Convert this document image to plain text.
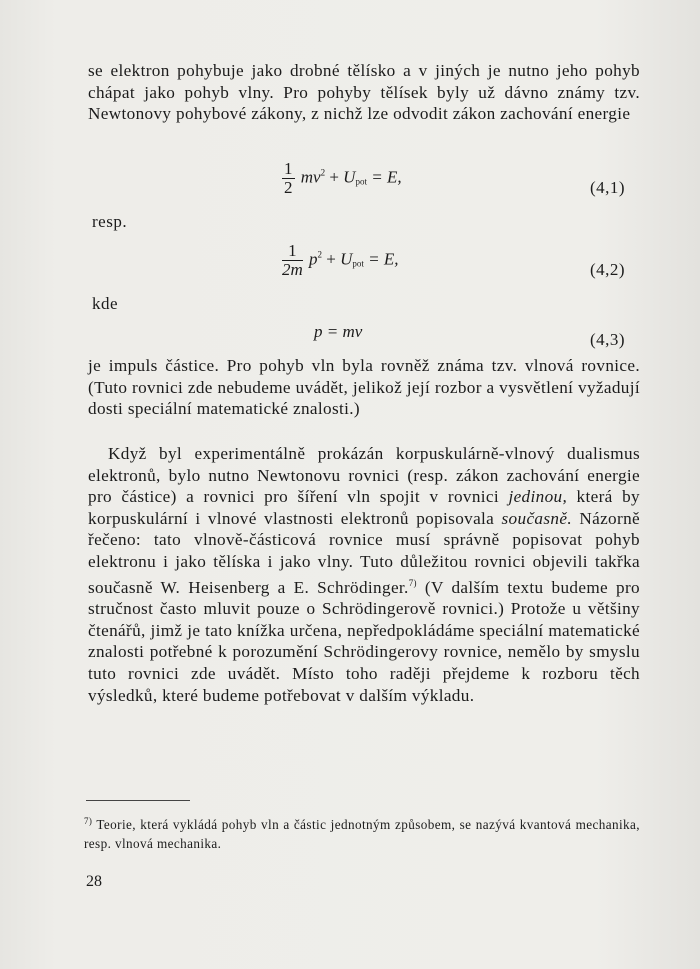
se elektron pohybuje jako drobné tělísko a v jiných je nutno jeho pohyb chápat jako pohyb vlny. Pro pohyby tělísek byly už dávno známy tzv. Newtonovy pohybové zákony, z nichž lze odvodit zákon zachování energie

$\frac{1}{2} mv^2 + U_{pot} = E$,
(4,1)
resp.
$\frac{1}{2m} p^2 + U_{pot} = E$,
(4,2)
kde
p = mv	(4,3)

je impuls částice. Pro pohyb vln byla rovněž známa tzv. vlnová rovnice. (Tuto rovnici zde nebudeme uvádět, jelikož její rozbor a vysvětlení vyžadují dosti speciální matematické znalosti.)

Když byl experimentálně prokázán korpuskulárně-vlnový dualismus elektronů, bylo nutno Newtonovu rovnici (resp. zákon zachování energie pro částice) a rovnici pro šíření vln spojit v rovnici jedinou, která by korpuskulární i vlnové vlastnosti elektronů popisovala současně. Názorně řečeno: tato vlnově-částicová rovnice musí správně popisovat pohyb elektronu i jako tělíska i jako vlny. Tuto důležitou rovnici objevili takřka současně W. Heisenberg a E. Schrödinger.$^{7)}$ (V dalším textu budeme pro stručnost často mluvit pouze o Schrödingerově rovnici.) Protože u většiny čtenářů, jimž je tato knížka určena, nepředpokládáme speciální matematické znalosti potřebné k porozumění Schrödingerovy rovnice, nemělo by smyslu tuto rovnici zde uvádět. Místo toho raději přejdeme k rozboru těch výsledků, které budeme potřebovat v dalším výkladu.

$^{7)}$ Teorie, která vykládá pohyb vln a částic jednotným způsobem, se nazývá kvantová mechanika, resp. vlnová mechanika.
28
